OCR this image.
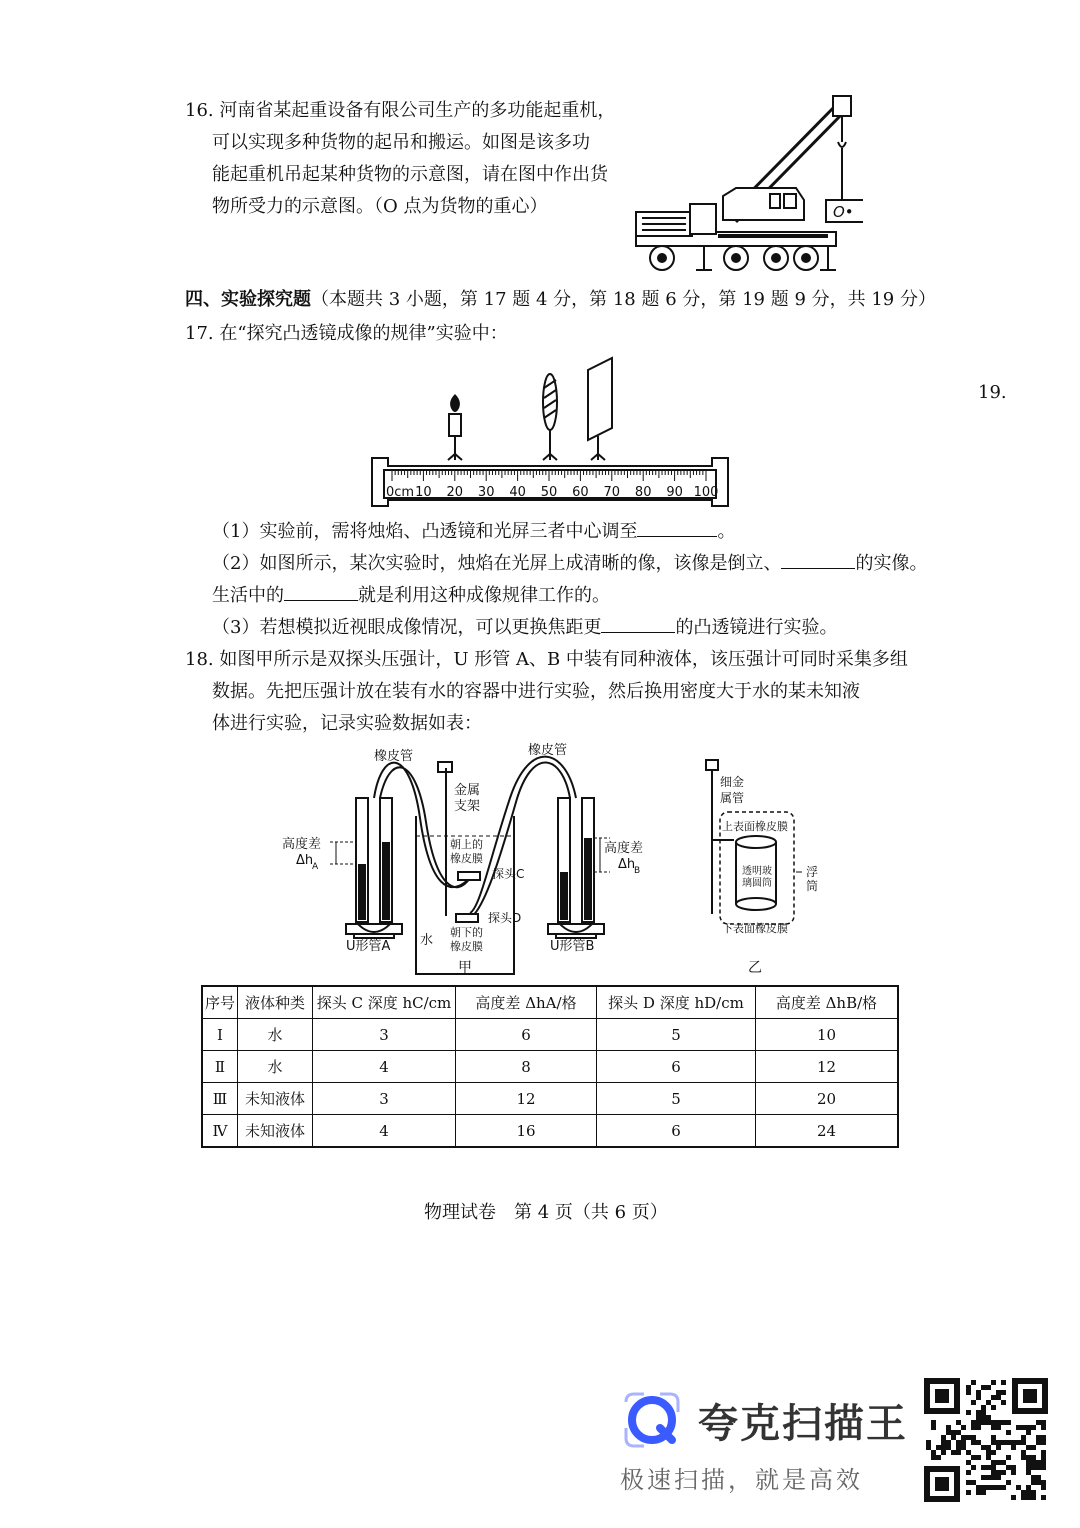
16. 河南省某起重设备有限公司生产的多功能起重机，
可以实现多种货物的起吊和搬运。如图是该多功
能起重机吊起某种货物的示意图，请在图中作出货
物所受力的示意图。（O 点为货物的重心）	O•
四、实验探究题（本题共 3 小题，第 17 题 4 分，第 18 题 6 分，第 19 题 9 分，共 19 分）
17. 在“探究凸透镜成像的规律”实验中：
19.
0cm 10 20 30 40 50 60 70 80 90 100
（1）实验前，需将烛焰、凸透镜和光屏三者中心调至	。
（2）如图所示，某次实验时，烛焰在光屏上成清晰的像，该像是倒立、	的实像。
生活中的	就是利用这种成像规律工作的。
（3）若想模拟近视眼成像情况，可以更换焦距更	的凸透镜进行实验。
18. 如图甲所示是双探头压强计，U 形管 A、B 中装有同种液体，该压强计可同时采集多组
数据。先把压强计放在装有水的容器中进行实验，然后换用密度大于水的某未知液
体进行实验，记录实验数据如表：
橡皮管	橡皮管
金属
支架
高度差
Δh
A
高度差
Δh
B
朝上的
橡皮膜
探头C
探头D
朝下的
橡皮膜
水
U形管A	U形管B
甲
细金
属管
上表面橡皮膜
透明玻
璃圆筒
浮
筒
下表面橡皮膜
乙
序号	液体种类	探头 C 深度 hC/cm	高度差 ΔhA/格	探头 D 深度 hD/cm	高度差 ΔhB/格
Ⅰ	水	3	6	5	10
Ⅱ	水	4	8	6	12
Ⅲ	未知液体	3	12	5	20
Ⅳ	未知液体	4	16	6	24
物理试卷　第 4 页（共 6 页）
夸克扫描王
极速扫描，就是高效
